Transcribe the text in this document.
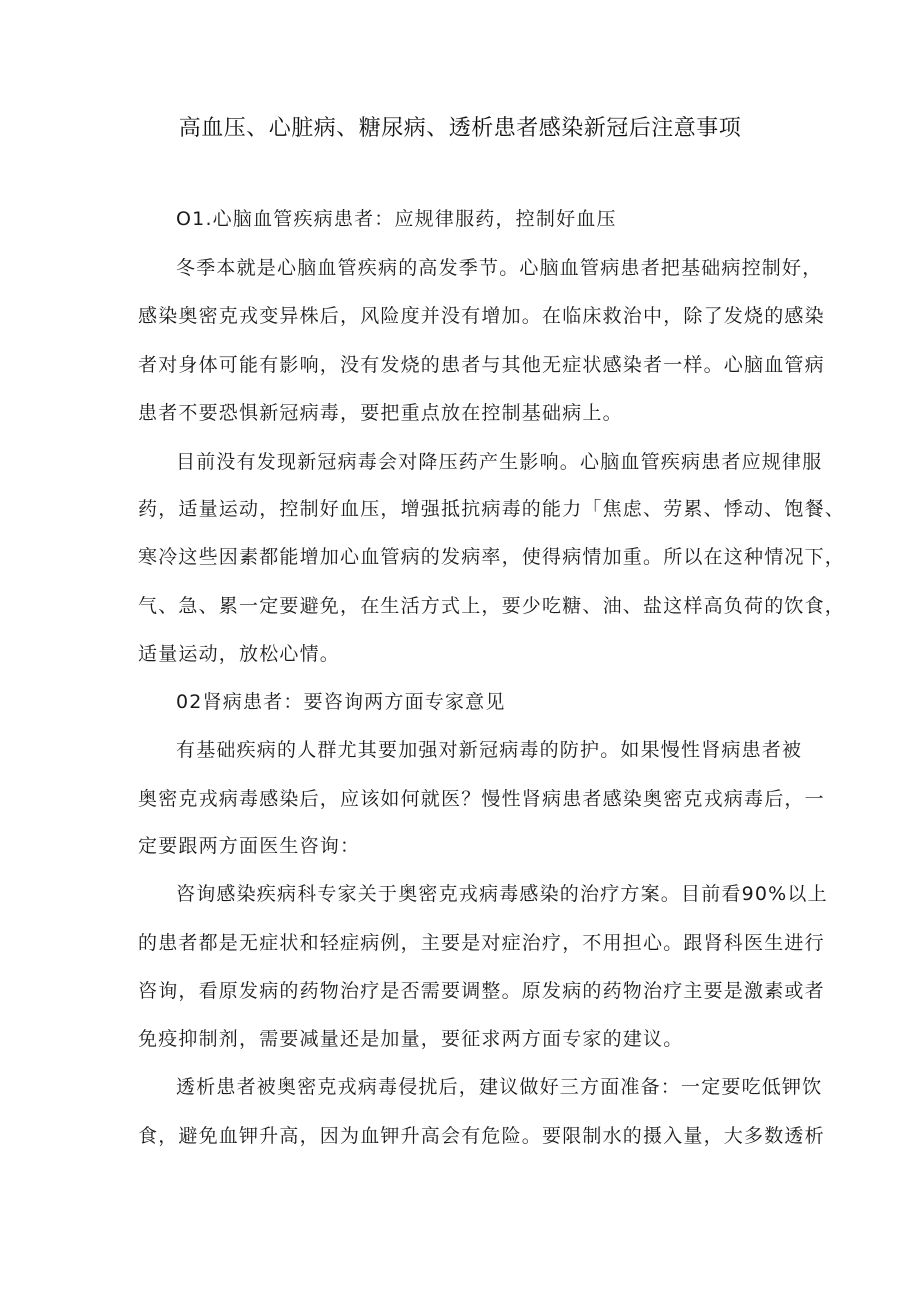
高血压、心脏病、糖尿病、透析患者感染新冠后注意事项
O1.心脑血管疾病患者：应规律服药，控制好血压
冬季本就是心脑血管疾病的高发季节。心脑血管病患者把基础病控制好，
感染奥密克戎变异株后，风险度并没有增加。在临床救治中，除了发烧的感染
者对身体可能有影响，没有发烧的患者与其他无症状感染者一样。心脑血管病
患者不要恐惧新冠病毒，要把重点放在控制基础病上。
目前没有发现新冠病毒会对降压药产生影响。心脑血管疾病患者应规律服
药，适量运动，控制好血压，增强抵抗病毒的能力「焦虑、劳累、悸动、饱餐、
寒冷这些因素都能增加心血管病的发病率，使得病情加重。所以在这种情况下，
气、急、累一定要避免，在生活方式上，要少吃糖、油、盐这样高负荷的饮食，
适量运动，放松心情。
02肾病患者：要咨询两方面专家意见
有基础疾病的人群尤其要加强对新冠病毒的防护。如果慢性肾病患者被
奥密克戎病毒感染后，应该如何就医？慢性肾病患者感染奥密克戎病毒后，一
定要跟两方面医生咨询：
咨询感染疾病科专家关于奥密克戎病毒感染的治疗方案。目前看90%以上
的患者都是无症状和轻症病例，主要是对症治疗，不用担心。跟肾科医生进行
咨询，看原发病的药物治疗是否需要调整。原发病的药物治疗主要是激素或者
免疫抑制剂，需要减量还是加量，要征求两方面专家的建议。
透析患者被奥密克戎病毒侵扰后，建议做好三方面准备：一定要吃低钾饮
食，避免血钾升高，因为血钾升高会有危险。要限制水的摄入量，大多数透析
